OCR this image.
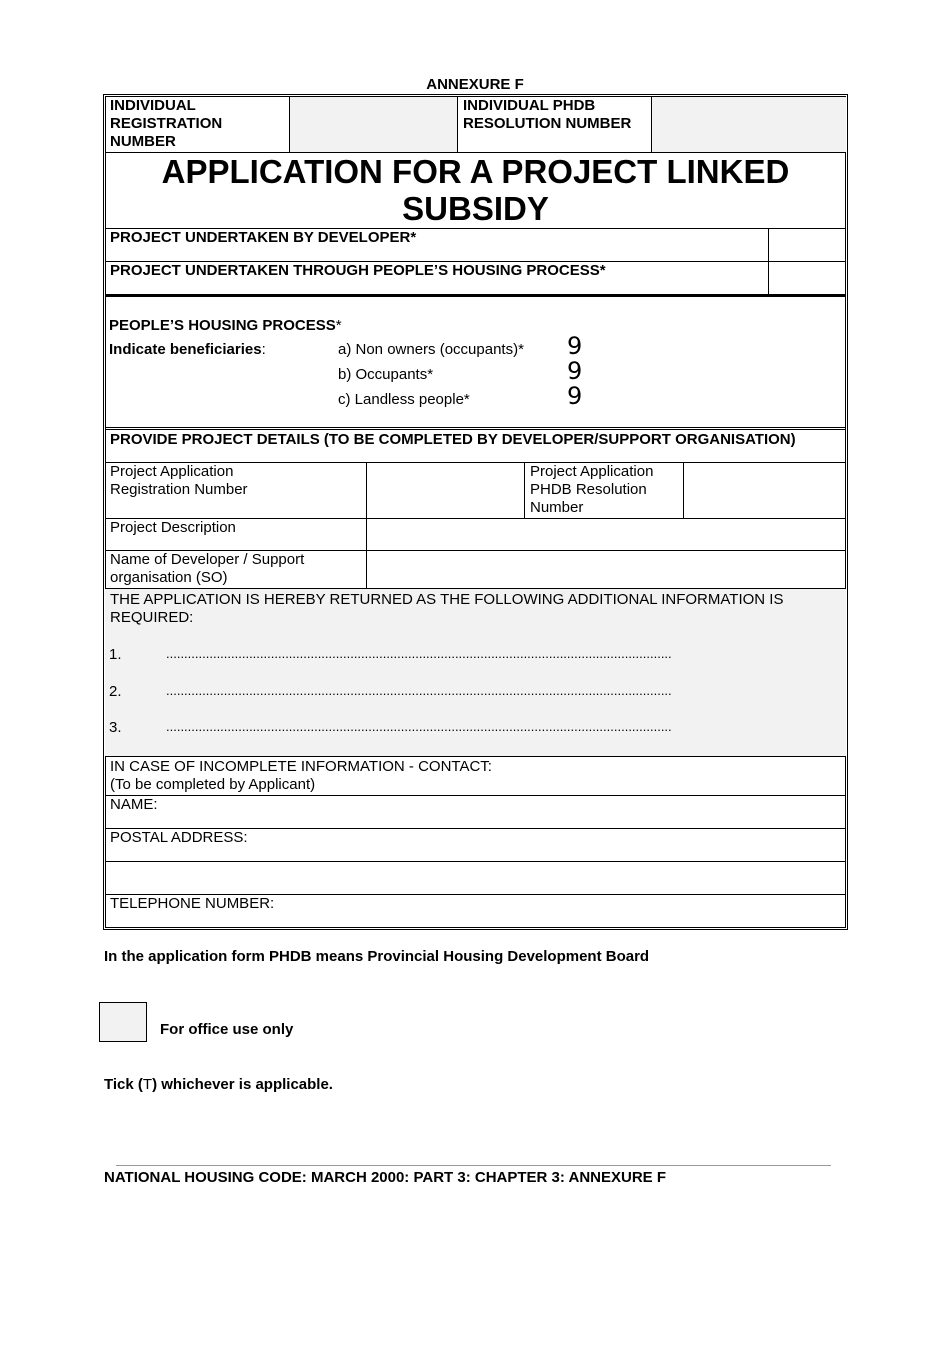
ANNEXURE F
INDIVIDUAL
REGISTRATION
NUMBER
INDIVIDUAL PHDB
RESOLUTION NUMBER
APPLICATION FOR A PROJECT LINKED
SUBSIDY
PROJECT UNDERTAKEN BY DEVELOPER*
PROJECT UNDERTAKEN THROUGH PEOPLE’S HOUSING PROCESS*
PEOPLE’S HOUSING PROCESS*
Indicate beneficiaries:	a) Non owners (occupants)* 9
b) Occupants*	9
c) Landless people*	9
PROVIDE PROJECT DETAILS (TO BE COMPLETED BY DEVELOPER/SUPPORT ORGANISATION)
Project Application
Registration Number
Project Application
PHDB Resolution
Number
Project Description
Name of Developer / Support
organisation (SO)
THE APPLICATION IS HEREBY RETURNED AS THE FOLLOWING ADDITIONAL INFORMATION IS
REQUIRED:
1.	............................................................................................................................................
2.	............................................................................................................................................
3.	............................................................................................................................................
IN CASE OF INCOMPLETE INFORMATION - CONTACT:
(To be completed by Applicant)
NAME:
POSTAL ADDRESS:
TELEPHONE NUMBER:
In the application form PHDB means Provincial Housing Development Board
For office use only
Tick (T) whichever is applicable.
NATIONAL HOUSING CODE: MARCH 2000: PART 3: CHAPTER 3: ANNEXURE F
